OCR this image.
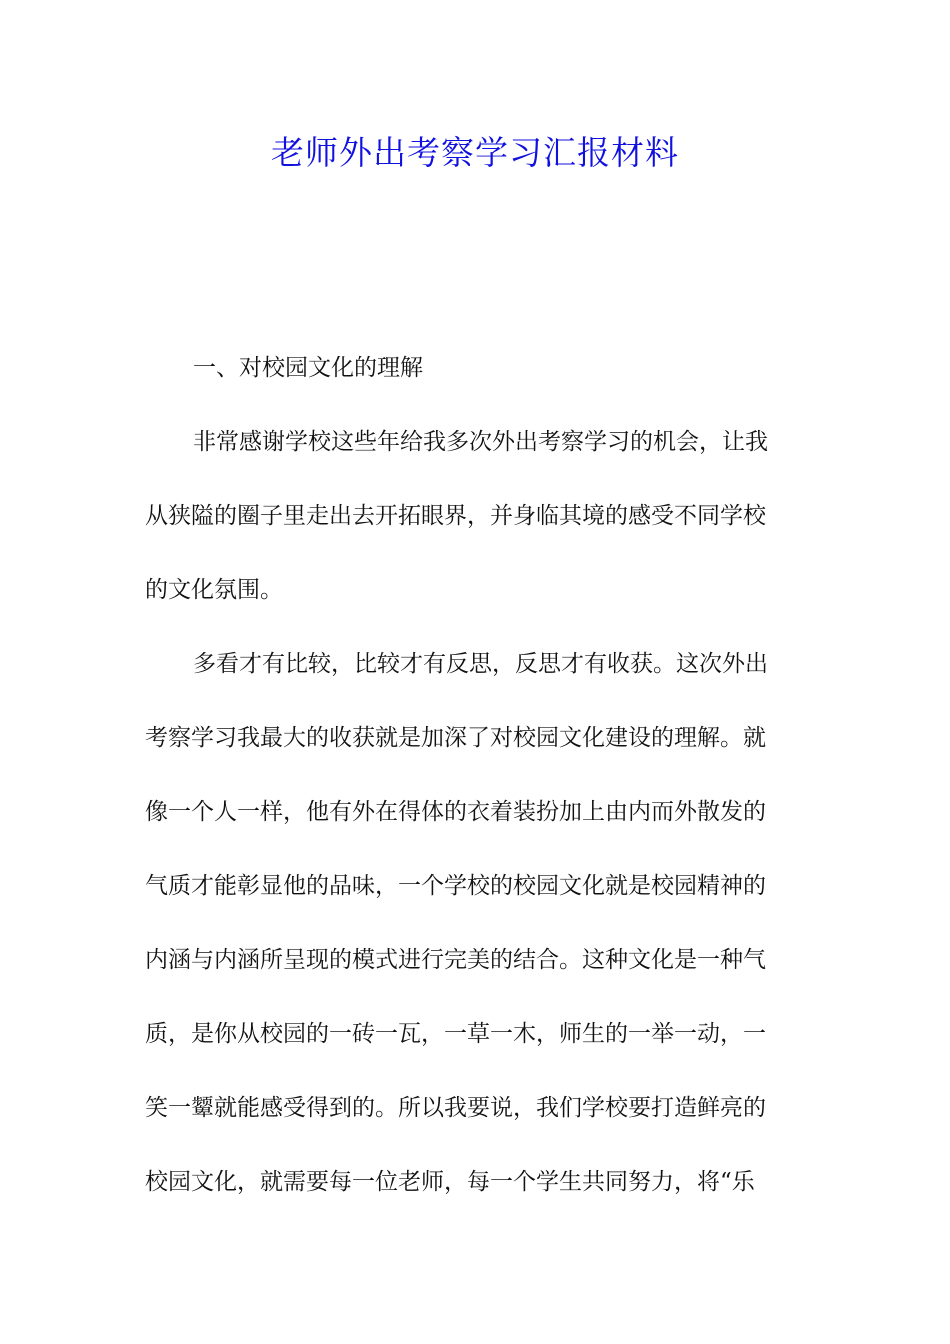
老师外出考察学习汇报材料
一、对校园文化的理解
非常感谢学校这些年给我多次外出考察学习的机会，让我
从狭隘的圈子里走出去开拓眼界，并身临其境的感受不同学校
的文化氛围。
多看才有比较，比较才有反思，反思才有收获。这次外出
考察学习我最大的收获就是加深了对校园文化建设的理解。就
像一个人一样，他有外在得体的衣着装扮加上由内而外散发的
气质才能彰显他的品味，一个学校的校园文化就是校园精神的
内涵与内涵所呈现的模式进行完美的结合。这种文化是一种气
质，是你从校园的一砖一瓦，一草一木，师生的一举一动，一
笑一颦就能感受得到的。所以我要说，我们学校要打造鲜亮的
校园文化，就需要每一位老师，每一个学生共同努力，将“乐
